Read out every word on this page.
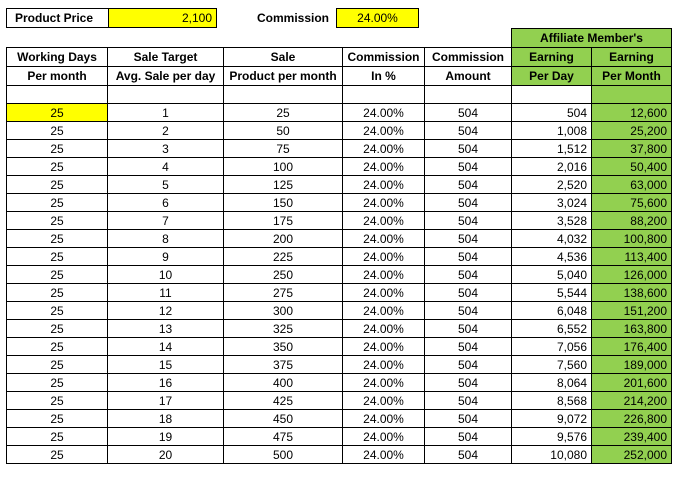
Product Price	2,100	Commission	24.00%
					Affiliate Member's	
Working Days	Sale Target	Sale	Commission	Commission	Earning	Earning
Per month	Avg. Sale per day	Product per month	In %	Amount	Per Day	Per Month

25	1	25	24.00%	504	504	12,600
25	2	50	24.00%	504	1,008	25,200
25	3	75	24.00%	504	1,512	37,800
25	4	100	24.00%	504	2,016	50,400
25	5	125	24.00%	504	2,520	63,000
25	6	150	24.00%	504	3,024	75,600
25	7	175	24.00%	504	3,528	88,200
25	8	200	24.00%	504	4,032	100,800
25	9	225	24.00%	504	4,536	113,400
25	10	250	24.00%	504	5,040	126,000
25	11	275	24.00%	504	5,544	138,600
25	12	300	24.00%	504	6,048	151,200
25	13	325	24.00%	504	6,552	163,800
25	14	350	24.00%	504	7,056	176,400
25	15	375	24.00%	504	7,560	189,000
25	16	400	24.00%	504	8,064	201,600
25	17	425	24.00%	504	8,568	214,200
25	18	450	24.00%	504	9,072	226,800
25	19	475	24.00%	504	9,576	239,400
25	20	500	24.00%	504	10,080	252,000
